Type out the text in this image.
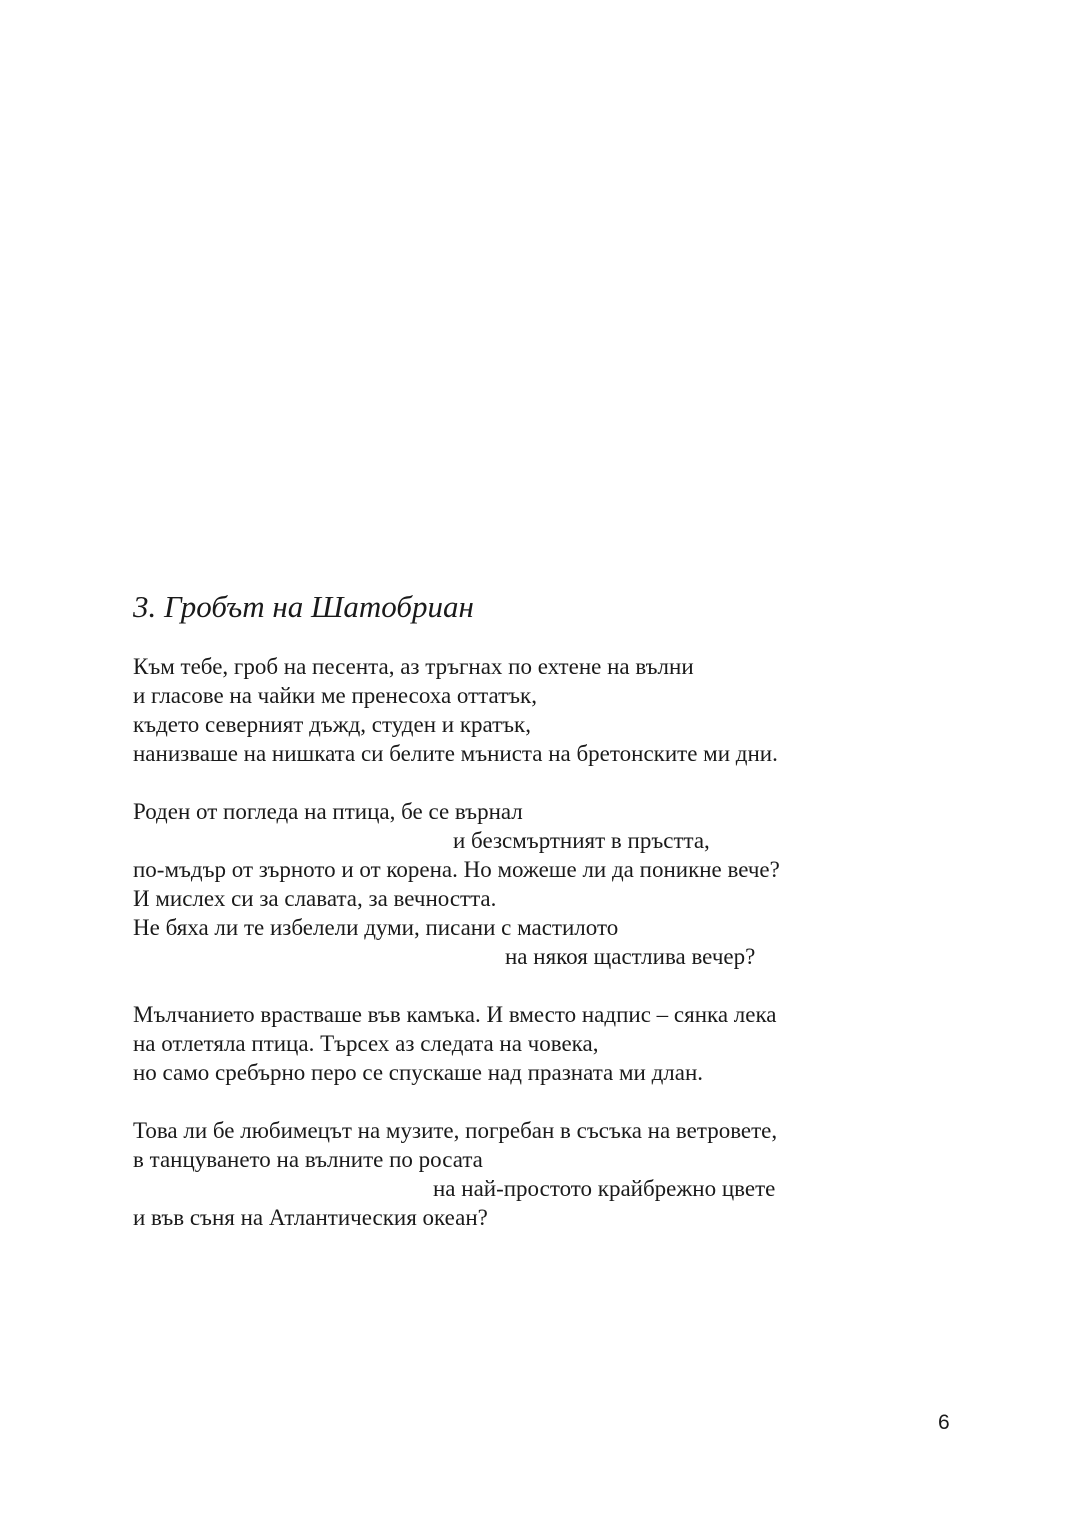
3. Гробът на Шатобриан
Към тебе, гроб на песента, аз тръгнах по ехтене на вълни
и гласове на чайки ме пренесоха оттатък,
където северният дъжд, студен и кратък,
нанизваше на нишката си белите мъниста на бретонските ми дни.
Роден от погледа на птица, бе се върнал
и безсмъртният в пръстта,
по-мъдър от зърното и от корена. Но можеше ли да поникне вече?
И мислех си за славата, за вечността.
Не бяха ли те избелели думи, писани с мастилото
на някоя щастлива вечер?
Мълчанието врастваше във камъка. И вместо надпис – сянка лека
на отлетяла птица. Търсех аз следата на човека,
но само сребърно перо се спускаше над празната ми длан.
Това ли бе любимецът на музите, погребан в съсъка на ветровете,
в танцуването на вълните по росата
на най-простото крайбрежно цвете
и във съня на Атлантическия океан?
6
